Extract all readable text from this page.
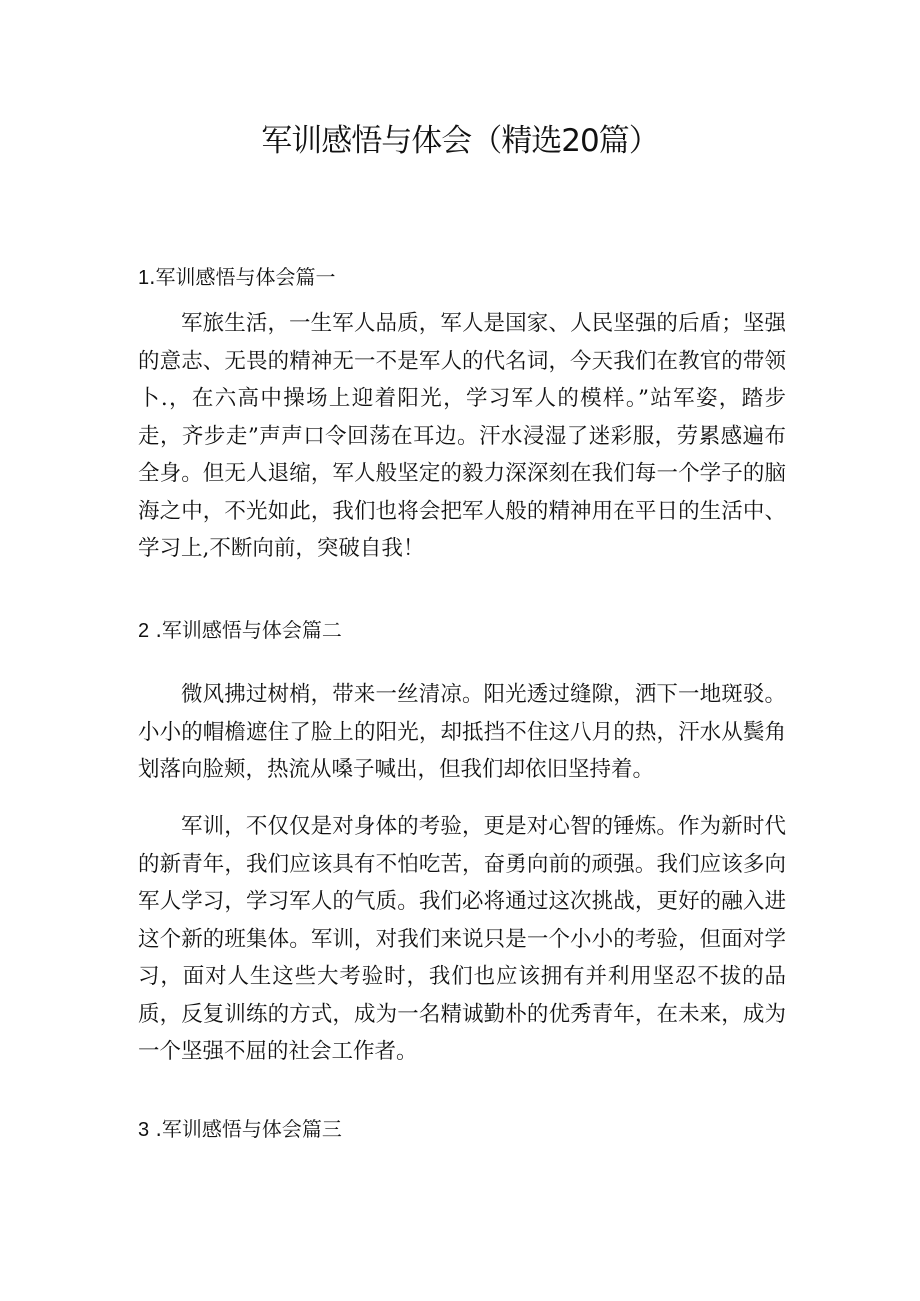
军训感悟与体会（精选20篇）
1.军训感悟与体会篇一

军旅生活，一生军人品质，军人是国家、人民坚强的后盾；坚强的意志、无畏的精神无一不是军人的代名词，今天我们在教官的带领卜.，在六高中操场上迎着阳光，学习军人的模样。”站军姿，踏步走，齐步走”声声口令回荡在耳边。汗水浸湿了迷彩服，劳累感遍布全身。但无人退缩，军人般坚定的毅力深深刻在我们每一个学子的脑海之中，不光如此，我们也将会把军人般的精神用在平日的生活中、学习上,不断向前，突破自我！

2 .军训感悟与体会篇二

微风拂过树梢，带来一丝清凉。阳光透过缝隙，洒下一地斑驳。小小的帽檐遮住了脸上的阳光，却抵挡不住这八月的热，汗水从鬓角划落向脸颊，热流从嗓子喊出，但我们却依旧坚持着。

军训，不仅仅是对身体的考验，更是对心智的锤炼。作为新时代的新青年，我们应该具有不怕吃苦，奋勇向前的顽强。我们应该多向军人学习，学习军人的气质。我们必将通过这次挑战，更好的融入进这个新的班集体。军训，对我们来说只是一个小小的考验，但面对学习，面对人生这些大考验时，我们也应该拥有并利用坚忍不拔的品质，反复训练的方式，成为一名精诚勤朴的优秀青年，在未来，成为一个坚强不屈的社会工作者。

3 .军训感悟与体会篇三
